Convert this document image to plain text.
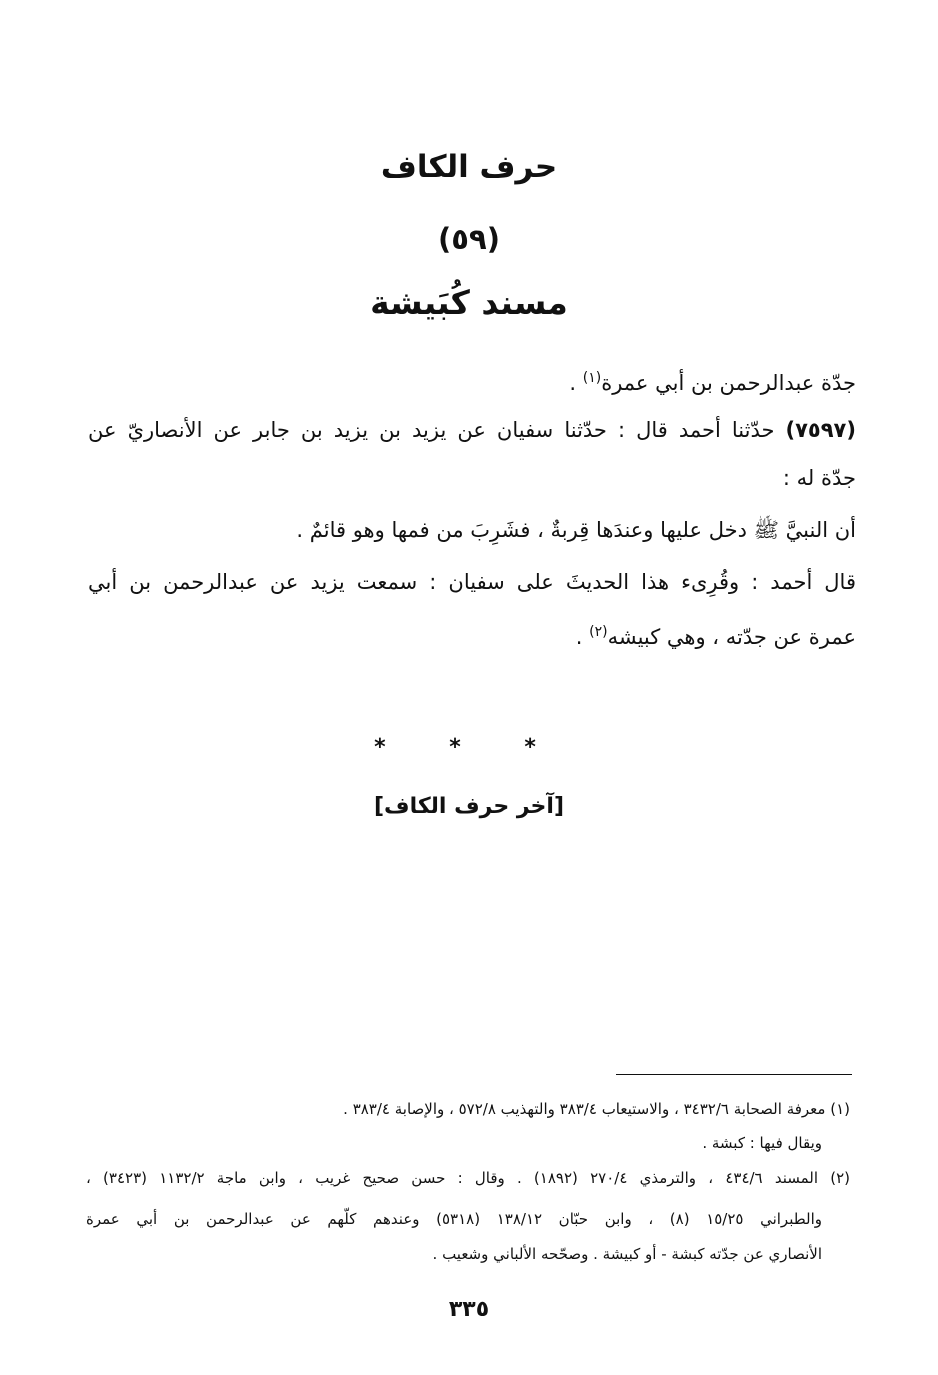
حرف الكاف
(٥٩)
مسند كُبَيشة
جدّة عبدالرحمن بن أبي عمرة$^{(١)}$ .
(٧٥٩٧) حدّثنا أحمد قال : حدّثنا سفيان عن يزيد بن يزيد بن جابر عن الأنصاريّ عن
جدّة له :
أن النبيَّ ﷺ دخل عليها وعندَها قِربةٌ ، فشَرِبَ من فمها وهو قائمٌ .
قال أحمد : وقُرِىء هذا الحديثَ على سفيان : سمعت يزيد عن عبدالرحمن بن أبي
عمرة عن جدّته ، وهي كبيشه$^{(٢)}$ .
* * *
[آخر حرف الكاف]
(١) معرفة الصحابة ٣٤٣٢/٦ ، والاستيعاب ٣٨٣/٤ والتهذيب ٥٧٢/٨ ، والإصابة ٣٨٣/٤ .
ويقال فيها : كبشة .
(٢) المسند ٤٣٤/٦ ، والترمذي ٢٧٠/٤ (١٨٩٢) . وقال : حسن صحيح غريب ، وابن ماجة ١١٣٢/٢ (٣٤٢٣) ،
والطبراني ١٥/٢٥ (٨) ، وابن حبّان ١٣٨/١٢ (٥٣١٨) وعندهم كلّهم عن عبدالرحمن بن أبي عمرة
الأنصاري عن جدّته كبشة - أو كبيشة . وصحّحه الألباني وشعيب .
٣٣٥
